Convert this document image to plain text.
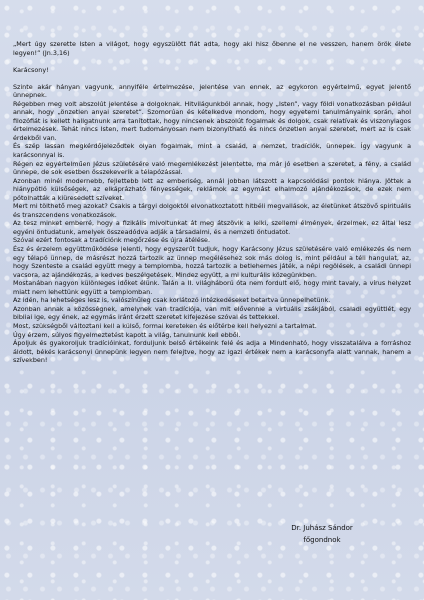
„Mert úgy szerette Isten a világot, hogy egyszülött fiát adta, hogy aki hisz őbenne el ne vesszen, hanem örök élete legyen!” (Jn.3,16)

Karácsony!

Szinte akár hányan vagyunk, annyiféle értelmezése, jelentése van ennek, az egykoron egyértelmű, egyet jelentő ünnepnek.

Régebben meg volt abszolút jelentése a dolgoknak. Hitvilágunkból annak, hogy „Isten”, vagy földi vonatkozásban például annak, hogy „önzetlen anyai szeretet”. Szomorúan és kételkedve mondom, hogy egyetemi tanulmányaink során, ahol filozófiát is kellett hallgatnunk arra tanítottak, hogy nincsenek abszolút fogalmak és dolgok, csak relatívak és viszonylagos értelmezések. Tehát nincs Isten, mert tudományosan nem bizonyítható és nincs önzetlen anyai szeretet, mert az is csak érdekből van.

És szép lassan megkérdőjeleződtek olyan fogalmak, mint a család, a nemzet, tradíciók, ünnepek. Így vagyunk a karácsonnyal is.

Régen ez egyértelműen Jézus születésére való megemlékezést jelentette, ma már jó esetben a szeretet, a fény, a család ünnepe, de sok esetben összekeverik a télapózással.

Azonban minél modernebb, fejlettebb lett az emberiség, annál jobban látszott a kapcsolódási pontok hiánya. Jöttek a hiánypótló külsőségek, az elkáprázható fényességek, reklámok az egymást elhalmozó ajándékozások, de ezek nem pótolhatták a kiüresedett szíveket.

Mert mi tölthető meg azokat? Csakis a tárgyi dolgoktól elvonatkoztatott hitbéli megvallások, az életünket átszövő spirituális és transzcendens vonatkozások.

Az tesz minket emberré, hogy a fizikális mivoltunkat át meg átszövik a lelki, szellemi élmények, érzelmek, ez által lesz egyéni öntudatunk, amelyek összeadódva adják a társadalmi, és a nemzeti öntudatot.

Szóval ezért fontosak a tradíciónk megőrzése és újra átélése.

Ész és érzelem együttműködése jelenti, hogy egyszerűt tudjuk, hogy Karácsony Jézus születésére való emlékezés és nem egy télapó ünnep, de másrészt hozzá tartozik az ünnep megélésehez sok más dolog is, mint például a téli hangulat, az, hogy Szenteste a család együtt megy a templomba, hozzá tartozik a betlehemes játék, a népi regölések, a családi ünnepi vacsora, az ajándékozás, a kedves beszélgetések. Mindez együtt, a mi kulturális közegünkben.

Mostanában nagyon különleges időket élünk. Talán a II. világháború óta nem fordult elő, hogy mint tavaly, a vírus helyzet miatt nem lehettünk együtt a templomban.

Az idén, ha lehetséges lesz is, valószínűleg csak korlátozó intézkedéseket betartva ünnepelhetünk.

Azonban annak a közösségnek, amelynek van tradíciója, van mit elővennie a virtuális zsákjából, csaladi együttlét, egy bibliai ige, egy ének, az egymás iránt érzett szeretet kifejezése szóval és tettekkel.

Most, szükségből változtani kell a külső, formai kereteken és előtérbe kell helyezni a tartalmat.

Úgy érzem, súlyos figyelmeztetést kapott a világ, tanulnunk kell ebből.

Ápoljuk és gyakoroljuk tradícióinkat, forduljunk belső értékeink felé és adja a Mindenható, hogy visszatalálva a forráshoz áldott, békés karácsonyi ünnepünk legyen nem felejtve, hogy az igazi értékek nem a karácsonyfa alatt vannak, hanem a szívekben!

Dr. Juhász Sándor
főgondnok
